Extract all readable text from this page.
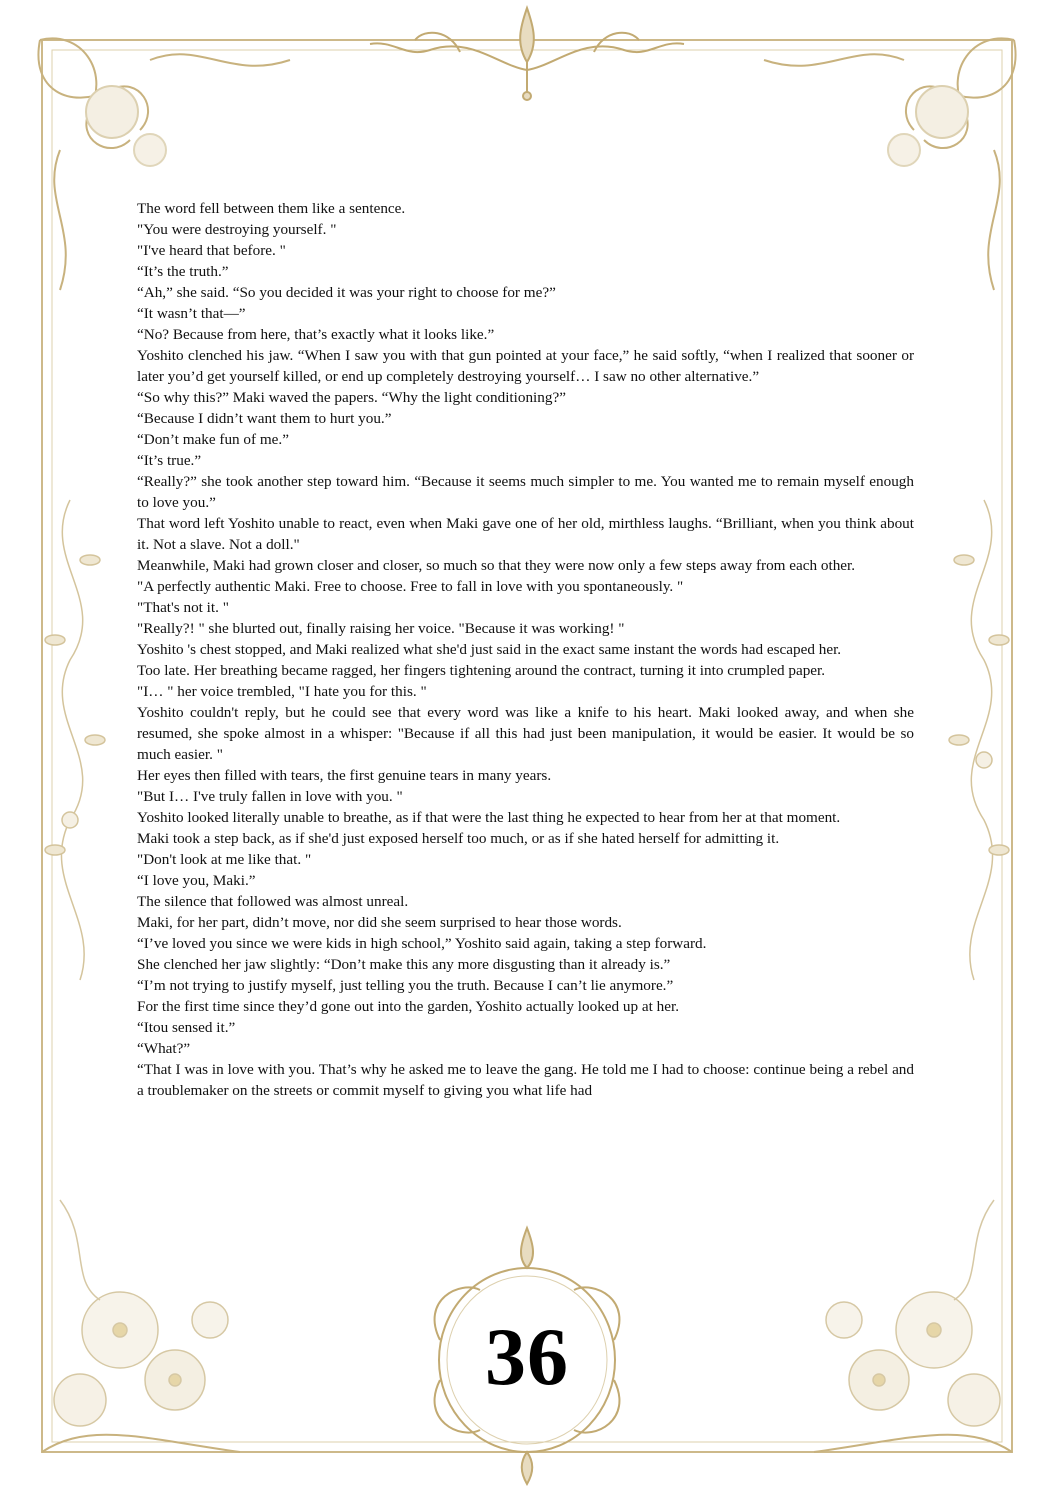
The word fell between them like a sentence.

"You were destroying yourself. "

"I've heard that before. "

“It’s the truth.”

“Ah,” she said. “So you decided it was your right to choose for me?”

“It wasn’t that—”

“No? Because from here, that’s exactly what it looks like.”

Yoshito clenched his jaw. “When I saw you with that gun pointed at your face,” he said softly, “when I realized that sooner or later you’d get yourself killed, or end up completely destroying yourself… I saw no other alternative.”

“So why this?” Maki waved the papers. “Why the light conditioning?”

“Because I didn’t want them to hurt you.”

“Don’t make fun of me.”

“It’s true.”

“Really?” she took another step toward him. “Because it seems much simpler to me. You wanted me to remain myself enough to love you.”

That word left Yoshito unable to react, even when Maki gave one of her old, mirthless laughs. “Brilliant, when you think about it. Not a slave. Not a doll."

Meanwhile, Maki had grown closer and closer, so much so that they were now only a few steps away from each other.

"A perfectly authentic Maki. Free to choose. Free to fall in love with you spontaneously. "

"That's not it. "

"Really?! " she blurted out, finally raising her voice. "Because it was working! "

Yoshito 's chest stopped, and Maki realized what she'd just said in the exact same instant the words had escaped her.

Too late. Her breathing became ragged, her fingers tightening around the contract, turning it into crumpled paper.

"I… " her voice trembled, "I hate you for this. "

Yoshito couldn't reply, but he could see that every word was like a knife to his heart. Maki looked away, and when she resumed, she spoke almost in a whisper: "Because if all this had just been manipulation, it would be easier. It would be so much easier. "

Her eyes then filled with tears, the first genuine tears in many years.

"But I… I've truly fallen in love with you. "

Yoshito looked literally unable to breathe, as if that were the last thing he expected to hear from her at that moment.

Maki took a step back, as if she'd just exposed herself too much, or as if she hated herself for admitting it.

"Don't look at me like that. "

“I love you, Maki.”

The silence that followed was almost unreal.

Maki, for her part, didn’t move, nor did she seem surprised to hear those words.

“I’ve loved you since we were kids in high school,” Yoshito said again, taking a step forward.

She clenched her jaw slightly: “Don’t make this any more disgusting than it already is.”

“I’m not trying to justify myself, just telling you the truth. Because I can’t lie anymore.”

For the first time since they’d gone out into the garden, Yoshito actually looked up at her.

“Itou sensed it.”

“What?”

“That I was in love with you. That’s why he asked me to leave the gang. He told me I had to choose: continue being a rebel and a troublemaker on the streets or commit myself to giving you what life had

36
